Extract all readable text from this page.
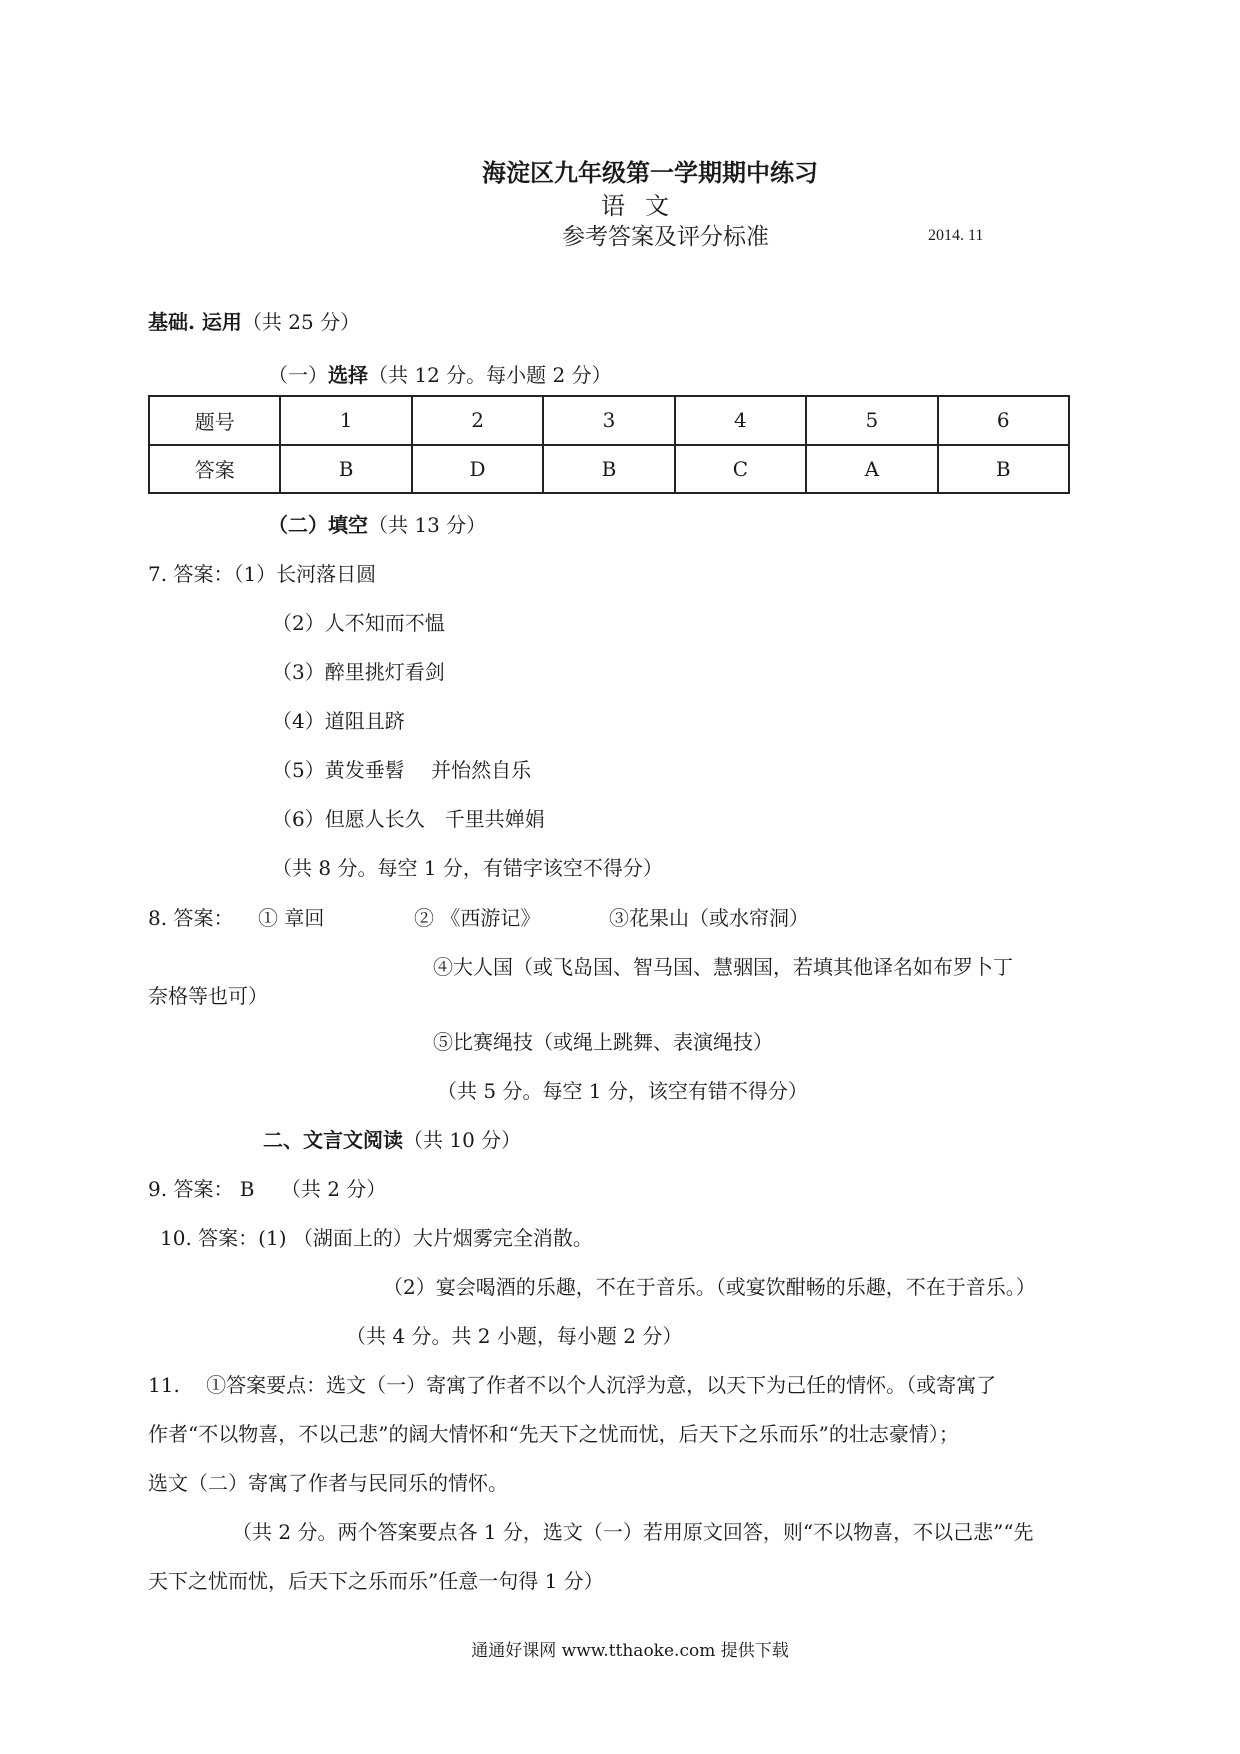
海淀区九年级第一学期期中练习
语文
参考答案及评分标准	2014. 11
基础. 运用（共 25 分）
（一）选择（共 12 分。每小题 2 分）
题号	1	2	3	4	5	6
答案	B	D	B	C	A	B
（二）填空（共 13 分）
7. 答案：（1）长河落日圆
（2）人不知而不愠
（3）醉里挑灯看剑
（4）道阻且跻
（5）黄发垂髫　 并怡然自乐
（6）但愿人长久　千里共婵娟
（共 8 分。每空 1 分，有错字该空不得分）
8. 答案： ① 章回	② 《西游记》	③花果山（或水帘洞）
④大人国（或飞岛国、智马国、慧骃国，若填其他译名如布罗卜丁
奈格等也可）
⑤比赛绳技（或绳上跳舞、表演绳技）
（共 5 分。每空 1 分，该空有错不得分）
二、文言文阅读（共 10 分）
9. 答案： B　 （共 2 分）
10. 答案：(1) （湖面上的）大片烟雾完全消散。
（2）宴会喝酒的乐趣，不在于音乐。（或宴饮酣畅的乐趣，不在于音乐。）
（共 4 分。共 2 小题，每小题 2 分）
11.　 ①答案要点：选文（一）寄寓了作者不以个人沉浮为意，以天下为己任的情怀。（或寄寓了
作者“不以物喜，不以己悲”的阔大情怀和“先天下之忧而忧，后天下之乐而乐”的壮志豪情）；
选文（二）寄寓了作者与民同乐的情怀。
（共 2 分。两个答案要点各 1 分，选文（一）若用原文回答，则“不以物喜，不以己悲”“先
天下之忧而忧，后天下之乐而乐”任意一句得 1 分）
通通好课网 www.tthaoke.com 提供下载
